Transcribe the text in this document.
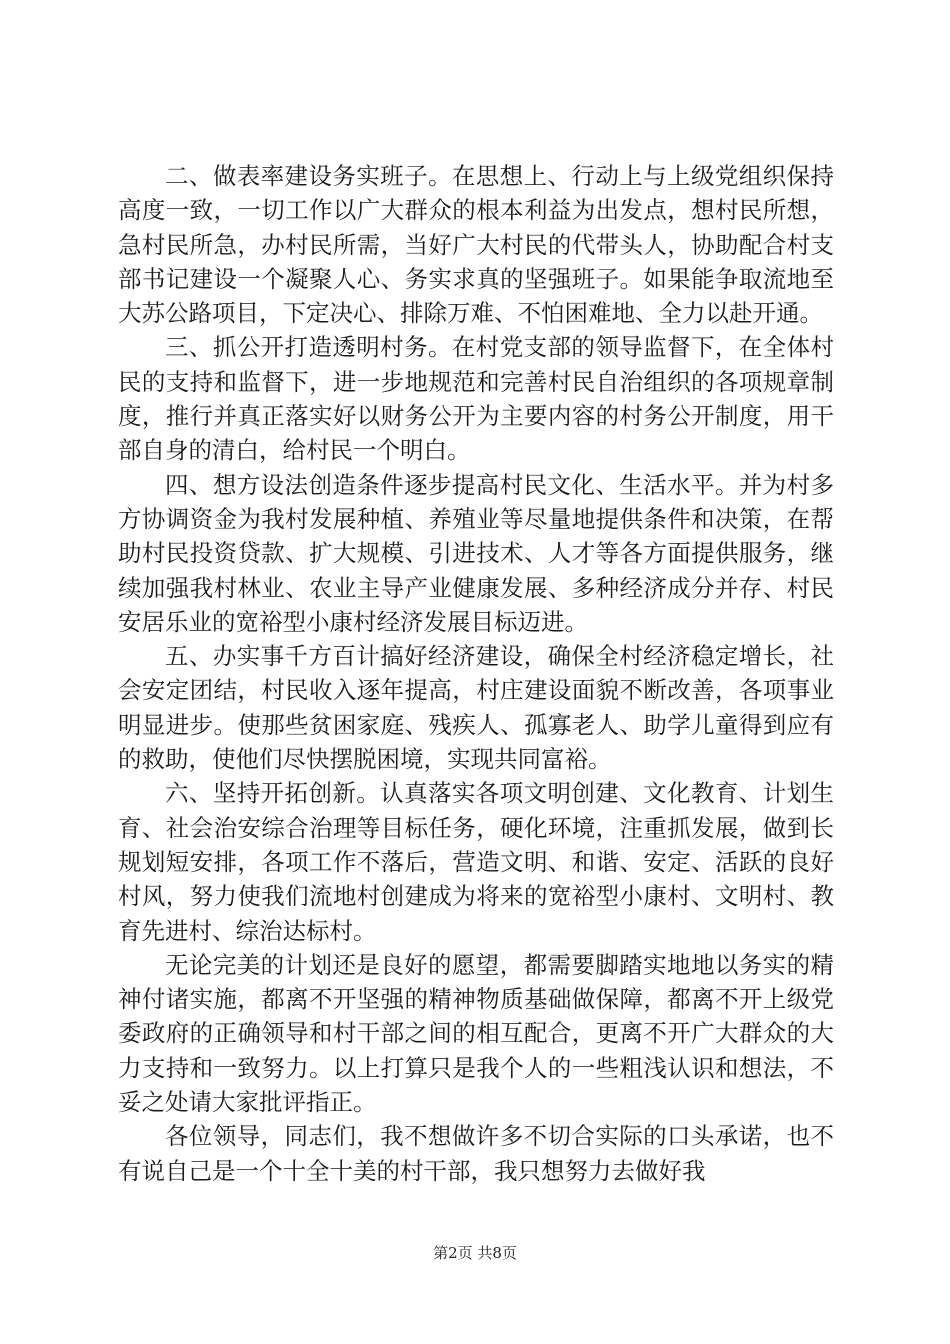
二、做表率建设务实班子。在思想上、行动上与上级党组织保持高度一致，一切工作以广大群众的根本利益为出发点，想村民所想，急村民所急，办村民所需，当好广大村民的代带头人，协助配合村支部书记建设一个凝聚人心、务实求真的坚强班子。如果能争取流地至大苏公路项目，下定决心、排除万难、不怕困难地、全力以赴开通。

三、抓公开打造透明村务。在村党支部的领导监督下，在全体村民的支持和监督下，进一步地规范和完善村民自治组织的各项规章制度，推行并真正落实好以财务公开为主要内容的村务公开制度，用干部自身的清白，给村民一个明白。

四、想方设法创造条件逐步提高村民文化、生活水平。并为村多方协调资金为我村发展种植、养殖业等尽量地提供条件和决策，在帮助村民投资贷款、扩大规模、引进技术、人才等各方面提供服务，继续加强我村林业、农业主导产业健康发展、多种经济成分并存、村民安居乐业的宽裕型小康村经济发展目标迈进。

五、办实事千方百计搞好经济建设，确保全村经济稳定增长，社会安定团结，村民收入逐年提高，村庄建设面貌不断改善，各项事业明显进步。使那些贫困家庭、残疾人、孤寡老人、助学儿童得到应有的救助，使他们尽快摆脱困境，实现共同富裕。

六、坚持开拓创新。认真落实各项文明创建、文化教育、计划生育、社会治安综合治理等目标任务，硬化环境，注重抓发展，做到长规划短安排，各项工作不落后，营造文明、和谐、安定、活跃的良好村风，努力使我们流地村创建成为将来的宽裕型小康村、文明村、教育先进村、综治达标村。

无论完美的计划还是良好的愿望，都需要脚踏实地地以务实的精神付诸实施，都离不开坚强的精神物质基础做保障，都离不开上级党委政府的正确领导和村干部之间的相互配合，更离不开广大群众的大力支持和一致努力。以上打算只是我个人的一些粗浅认识和想法，不妥之处请大家批评指正。

各位领导，同志们，我不想做许多不切合实际的口头承诺，也不有说自己是一个十全十美的村干部，我只想努力去做好我

第2页 共8页
